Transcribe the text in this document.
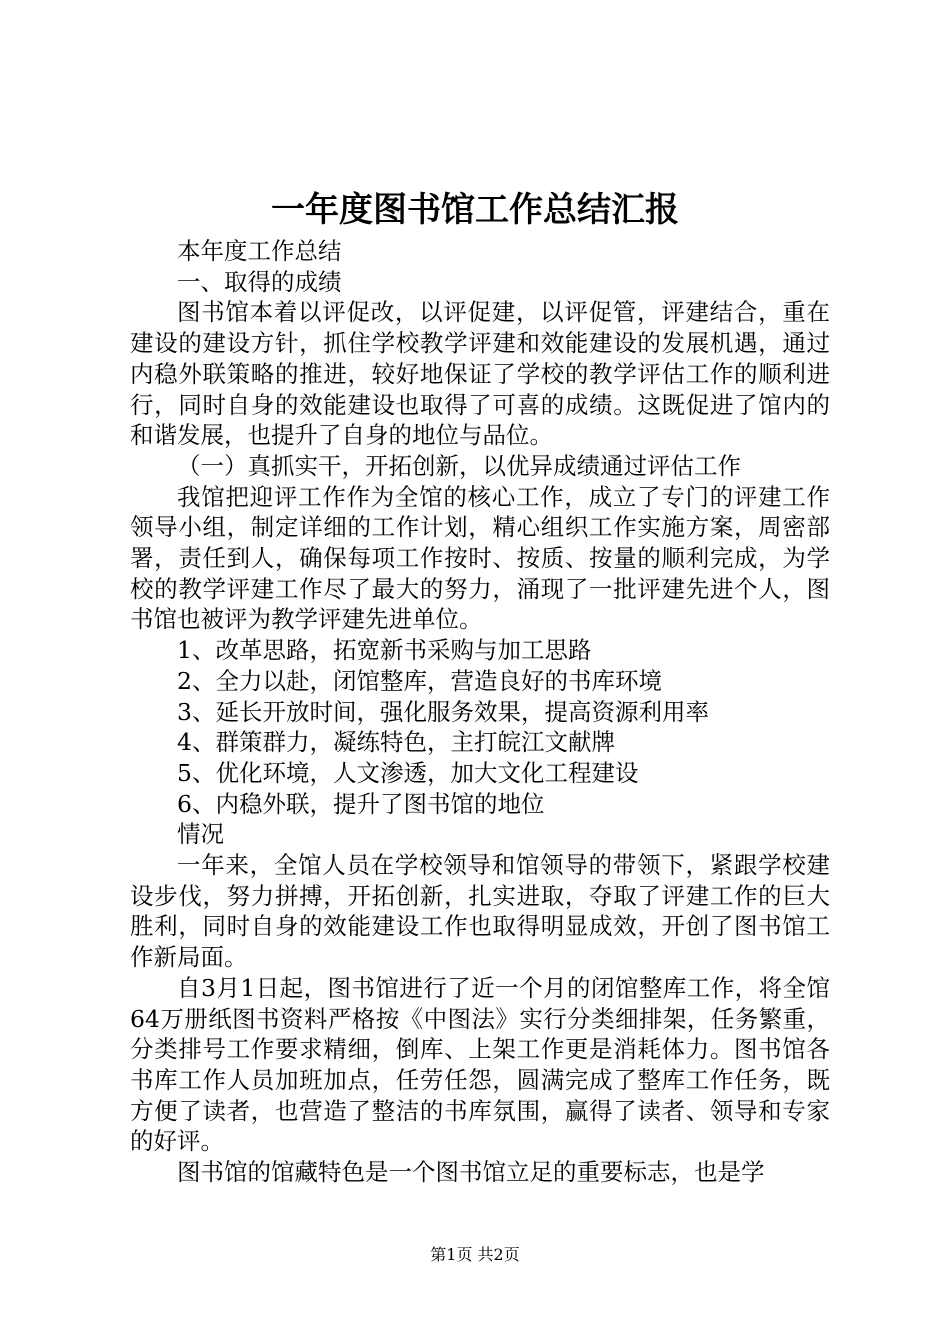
一年度图书馆工作总结汇报

本年度工作总结

一、取得的成绩

图书馆本着以评促改，以评促建，以评促管，评建结合，重在建设的建设方针，抓住学校教学评建和效能建设的发展机遇，通过内稳外联策略的推进，较好地保证了学校的教学评估工作的顺利进行，同时自身的效能建设也取得了可喜的成绩。这既促进了馆内的和谐发展，也提升了自身的地位与品位。

（一）真抓实干，开拓创新，以优异成绩通过评估工作

我馆把迎评工作作为全馆的核心工作，成立了专门的评建工作领导小组，制定详细的工作计划，精心组织工作实施方案，周密部署，责任到人，确保每项工作按时、按质、按量的顺利完成，为学校的教学评建工作尽了最大的努力，涌现了一批评建先进个人，图书馆也被评为教学评建先进单位。

1、改革思路，拓宽新书采购与加工思路

2、全力以赴，闭馆整库，营造良好的书库环境

3、延长开放时间，强化服务效果，提高资源利用率

4、群策群力，凝练特色，主打皖江文献牌

5、优化环境，人文渗透，加大文化工程建设

6、内稳外联，提升了图书馆的地位

情况

一年来，全馆人员在学校领导和馆领导的带领下，紧跟学校建设步伐，努力拼搏，开拓创新，扎实进取，夺取了评建工作的巨大胜利，同时自身的效能建设工作也取得明显成效，开创了图书馆工作新局面。

自3月1日起，图书馆进行了近一个月的闭馆整库工作，将全馆64万册纸图书资料严格按《中图法》实行分类细排架，任务繁重，分类排号工作要求精细，倒库、上架工作更是消耗体力。图书馆各书库工作人员加班加点，任劳任怨，圆满完成了整库工作任务，既方便了读者，也营造了整洁的书库氛围，赢得了读者、领导和专家的好评。

图书馆的馆藏特色是一个图书馆立足的重要标志，也是学

第1页 共2页
